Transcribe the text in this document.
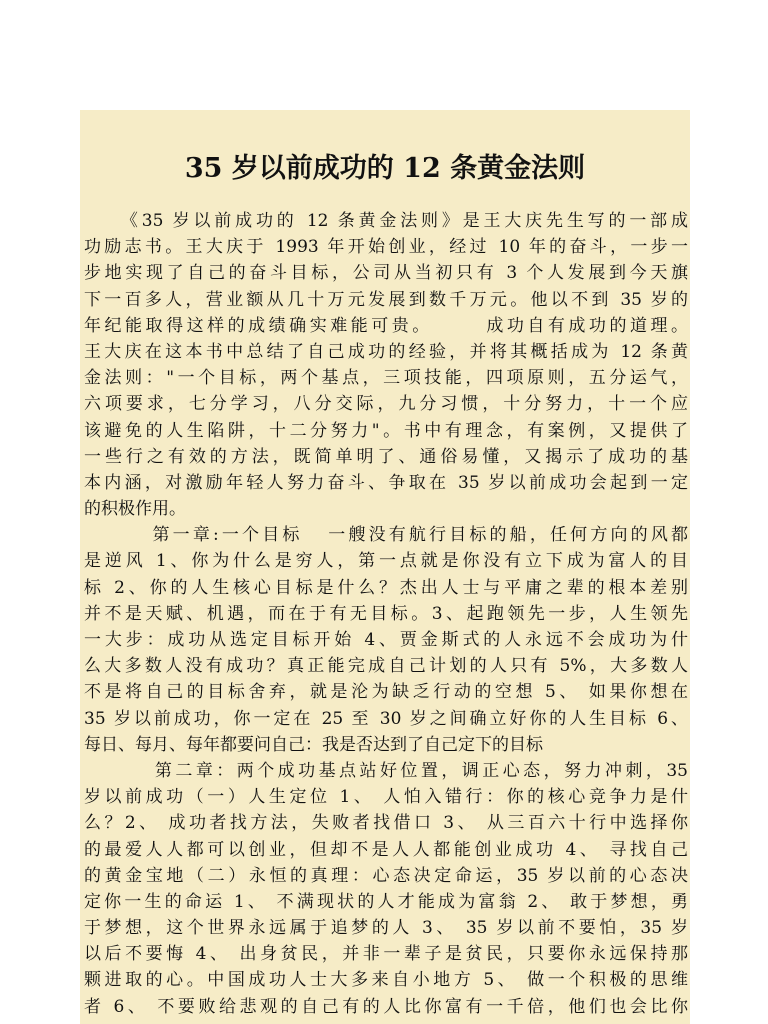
35 岁以前成功的 12 条黄金法则
《35 岁以前成功的 12 条黄金法则》是王大庆先生写的一部成
功励志书。王大庆于 1993 年开始创业，经过 10 年的奋斗，一步一
步地实现了自己的奋斗目标，公司从当初只有 3 个人发展到今天旗
下一百多人，营业额从几十万元发展到数千万元。他以不到 35 岁的
年纪能取得这样的成绩确实难能可贵。      成功自有成功的道理。
王大庆在这本书中总结了自己成功的经验，并将其概括成为 12 条黄
金法则："一个目标，两个基点，三项技能，四项原则，五分运气，
六项要求，七分学习，八分交际，九分习惯，十分努力，十一个应
该避免的人生陷阱，十二分努力"。书中有理念，有案例，又提供了
一些行之有效的方法，既简单明了、通俗易懂，又揭示了成功的基
本内涵，对激励年轻人努力奋斗、争取在 35 岁以前成功会起到一定
的积极作用。
第一章:一个目标   一艘没有航行目标的船，任何方向的风都
是逆风 1、你为什么是穷人，第一点就是你没有立下成为富人的目
标 2、你的人生核心目标是什么？杰出人士与平庸之辈的根本差别
并不是天赋、机遇，而在于有无目标。3、起跑领先一步，人生领先
一大步：成功从选定目标开始 4、贾金斯式的人永远不会成功为什
么大多数人没有成功？真正能完成自己计划的人只有 5%，大多数人
不是将自己的目标舍弃，就是沦为缺乏行动的空想 5、 如果你想在
35 岁以前成功，你一定在 25 至 30 岁之间确立好你的人生目标 6、
每日、每月、每年都要问自己：我是否达到了自己定下的目标
第二章：两个成功基点站好位置，调正心态，努力冲刺，35
岁以前成功（一）人生定位 1、 人怕入错行：你的核心竞争力是什
么？2、 成功者找方法，失败者找借口 3、 从三百六十行中选择你
的最爱人人都可以创业，但却不是人人都能创业成功 4、 寻找自己
的黄金宝地（二）永恒的真理：心态决定命运，35 岁以前的心态决
定你一生的命运 1、 不满现状的人才能成为富翁 2、 敢于梦想，勇
于梦想，这个世界永远属于追梦的人 3、 35 岁以前不要怕，35 岁
以后不要悔 4、 出身贫民，并非一辈子是贫民，只要你永远保持那
颗进取的心。中国成功人士大多来自小地方 5、 做一个积极的思维
者 6、 不要败给悲观的自己有的人比你富有一千倍，他们也会比你
